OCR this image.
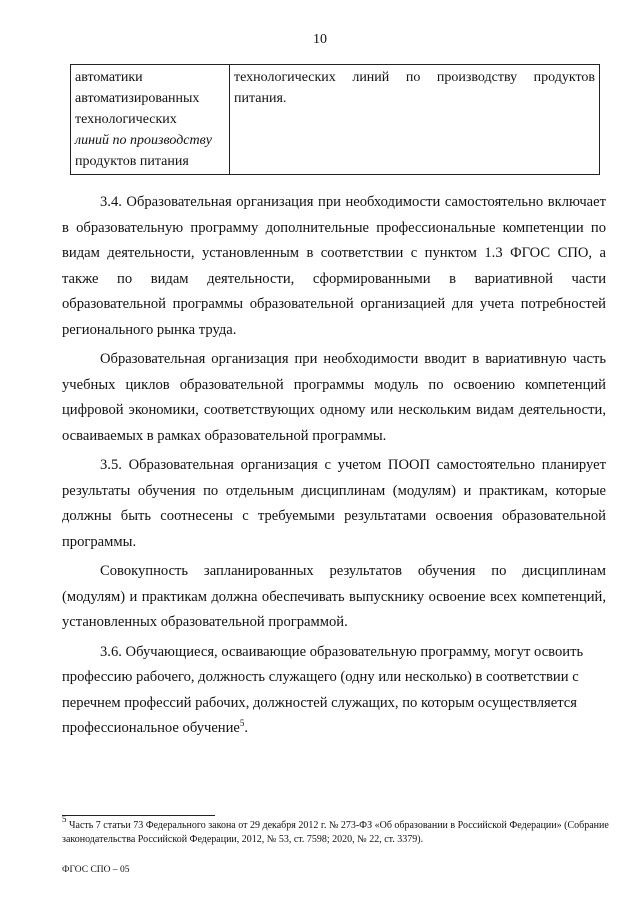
10
автоматики
автоматизированных
технологических
линий по производству
продуктов питания
	технологических линий по производству продуктов питания.

3.4. Образовательная организация при необходимости самостоятельно включает в образовательную программу дополнительные профессиональные компетенции по видам деятельности, установленным в соответствии с пунктом 1.3 ФГОС СПО, а также по видам деятельности, сформированными в вариативной части образовательной программы образовательной организацией для учета потребностей регионального рынка труда.

Образовательная организация при необходимости вводит в вариативную часть учебных циклов образовательной программы модуль по освоению компетенций цифровой экономики, соответствующих одному или нескольким видам деятельности, осваиваемых в рамках образовательной программы.

3.5. Образовательная организация с учетом ПООП самостоятельно планирует результаты обучения по отдельным дисциплинам (модулям) и практикам, которые должны быть соотнесены с требуемыми результатами освоения образовательной программы.

Совокупность запланированных результатов обучения по дисциплинам (модулям) и практикам должна обеспечивать выпускнику освоение всех компетенций, установленных образовательной программой.

3.6. Обучающиеся, осваивающие образовательную программу, могут освоить профессию рабочего, должность служащего (одну или несколько) в соответствии с перечнем профессий рабочих, должностей служащих, по которым осуществляется профессиональное обучение$^5$.

$^5$ Часть 7 статьи 73 Федерального закона от 29 декабря 2012 г. № 273-ФЗ «Об образовании в Российской Федерации» (Собрание законодательства Российской Федерации, 2012, № 53, ст. 7598; 2020, № 22, ст. 3379).
ФГОС СПО – 05
